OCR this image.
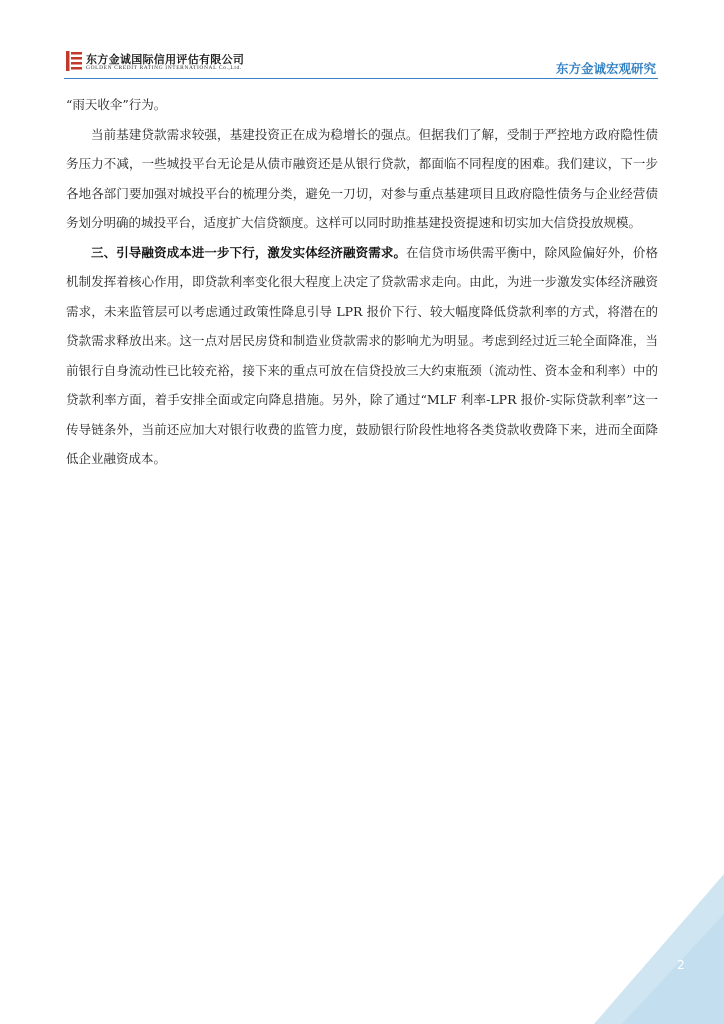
东方金诚国际信用评估有限公司
GOLDEN CREDIT RATING INTERNATIONAL Co.,Ltd.	东方金诚宏观研究

“雨天收伞”行为。

当前基建贷款需求较强，基建投资正在成为稳增长的强点。但据我们了解，受制于严控地方政府隐性债务压力不减，一些城投平台无论是从债市融资还是从银行贷款，都面临不同程度的困难。我们建议，下一步各地各部门要加强对城投平台的梳理分类，避免一刀切，对参与重点基建项目且政府隐性债务与企业经营债务划分明确的城投平台，适度扩大信贷额度。这样可以同时助推基建投资提速和切实加大信贷投放规模。

三、引导融资成本进一步下行，激发实体经济融资需求。在信贷市场供需平衡中，除风险偏好外，价格机制发挥着核心作用，即贷款利率变化很大程度上决定了贷款需求走向。由此，为进一步激发实体经济融资需求，未来监管层可以考虑通过政策性降息引导 LPR 报价下行、较大幅度降低贷款利率的方式，将潜在的贷款需求释放出来。这一点对居民房贷和制造业贷款需求的影响尤为明显。考虑到经过近三轮全面降准，当前银行自身流动性已比较充裕，接下来的重点可放在信贷投放三大约束瓶颈（流动性、资本金和利率）中的贷款利率方面，着手安排全面或定向降息措施。另外，除了通过“MLF 利率-LPR 报价-实际贷款利率”这一传导链条外，当前还应加大对银行收费的监管力度，鼓励银行阶段性地将各类贷款收费降下来，进而全面降低企业融资成本。

2
